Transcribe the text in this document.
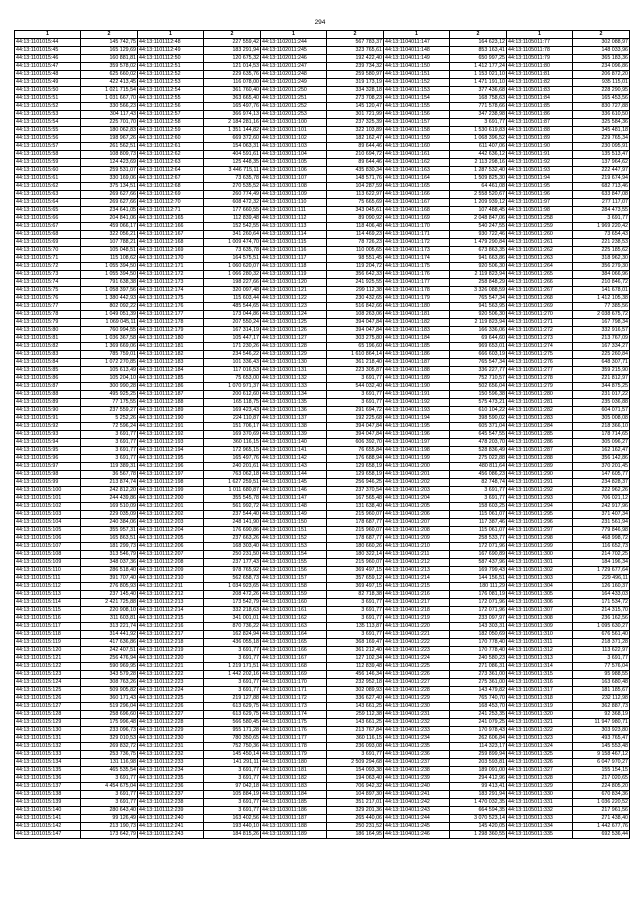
294
1	2	1	2	1	2	1	2	1	2
44:13:1101015:44	145 742,75	44:13:1101112:48	227 559,42	44:13:1102011:244	567 783,37	44:13:1104011:147	164 623,12	44:13:1105011:77	302 088,97
44:13:1101015:45	165 129,69	44:13:1101112:49	183 291,94	44:13:1102011:245	323 765,61	44:13:1104011:148	853 163,41	44:13:1105011:78	148 033,96
44:13:1101015:46	160 881,81	44:13:1101112:50	120 675,32	44:13:1102011:246	192 422,40	44:13:1104011:149	650 997,25	44:13:1105011:79	365 183,36
44:13:1101015:47	359 578,02	44:13:1101112:51	121 014,53	44:13:1102011:247	239 734,32	44:13:1104011:150	1 412 177,24	44:13:1105011:80	234 096,86
44:13:1101015:48	625 660,02	44:13:1101112:52	229 635,76	44:13:1102011:248	259 580,97	44:13:1104011:151	1 153 021,10	44:13:1105011:81	206 872,20
44:13:1101015:49	422 413,45	44:13:1101112:53	116 078,00	44:13:1102011:249	319 173,19	44:13:1104011:152	1 471 191,10	44:13:1105011:82	935 115,01
44:13:1101015:50	1 021 715,54	44:13:1101112:54	361 760,40	44:13:1102011:250	334 328,18	44:13:1104011:153	377 436,68	44:13:1105011:83	228 290,95
44:13:1101015:51	1 031 667,70	44:13:1101112:55	363 665,40	44:13:1102011:251	273 708,23	44:13:1104011:154	168 758,63	44:13:1105011:84	165 453,56
44:13:1101015:52	330 566,23	44:13:1101112:56	165 497,76	44:13:1102011:252	145 120,47	44:13:1104011:155	771 578,66	44:13:1105011:85	830 727,88
44:13:1101015:53	304 117,43	44:13:1101112:57	366 974,13	44:13:1102011:253	301 721,99	44:13:1104011:156	347 238,98	44:13:1105011:86	336 610,50
44:13:1101015:54	225 701,70	44:13:1101112:58	2 184 281,16	44:13:1103011:100	237 325,39	44:13:1104011:157	3 691,77	44:13:1105011:87	325 584,36
44:13:1101015:55	180 062,83	44:13:1101112:59	1 351 144,82	44:13:1103011:101	322 103,89	44:13:1104011:158	1 530 619,83	44:13:1105011:88	345 481,18
44:13:1101015:56	198 967,26	44:13:1101112:60	669 372,60	44:13:1103011:102	182 162,47	44:13:1104011:159	1 068 396,52	44:13:1105011:89	229 765,34
44:13:1101015:57	261 562,51	44:13:1101112:61	154 063,31	44:13:1103011:103	89 644,46	44:13:1104011:160	611 407,06	44:13:1105011:90	230 095,91
44:13:1101015:58	108 809,73	44:13:1101112:62	404 591,61	44:13:1103011:104	210 694,72	44:13:1104011:161	442 636,12	44:13:1105011:91	135 513,47
44:13:1101015:59	124 423,69	44:13:1101112:63	125 448,35	44:13:1103011:105	89 644,46	44:13:1104011:162	2 113 298,16	44:13:1105011:92	137 964,62
44:13:1101015:60	259 531,07	44:13:1101112:64	3 446 715,11	44:13:1103011:106	435 830,34	44:13:1104011:163	1 287 532,40	44:13:1105011:93	222 447,97
44:13:1101015:61	330 169,06	44:13:1101112:67	73 635,78	44:13:1103011:107	148 571,76	44:13:1104011:164	1 509 825,30	44:13:1105011:94	219 674,94
44:13:1101015:62	375 134,51	44:13:1101112:68	270 535,52	44:13:1103011:108	104 287,59	44:13:1104011:165	64 461,08	44:13:1105011:95	682 713,46
44:13:1101015:63	269 627,66	44:13:1101112:69	260 774,49	44:13:1103011:109	113 622,97	44:13:1104011:166	2 558 520,67	44:13:1105011:96	633 847,08
44:13:1101015:64	269 627,66	44:13:1101112:70	608 472,32	44:13:1103011:110	75 665,69	44:13:1104011:167	1 209 939,12	44:13:1105011:97	277 117,07
44:13:1101015:65	234 641,05	44:13:1101112:71	177 660,55	44:13:1103011:111	343 045,61	44:13:1104011:168	107 488,45	44:13:1105011:98	284 473,55
44:13:1101015:66	204 841,06	44:13:1101112:165	112 839,48	44:13:1103011:112	89 090,92	44:13:1104011:169	2 048 847,06	44:13:1105011:258	3 691,77
44:13:1101015:67	459 066,17	44:13:1101112:166	152 542,55	44:13:1103011:113	118 406,48	44:13:1104011:170	540 247,55	44:13:1105011:259	1 969 220,42
44:13:1101015:68	322 056,21	44:13:1101112:167	341 260,64	44:13:1103011:114	114 469,23	44:13:1104011:171	930 722,46	44:13:1105011:260	73 654,43
44:13:1101015:69	107 788,21	44:13:1101112:168	1 009 474,70	44:13:1103011:115	78 726,23	44:13:1104011:172	1 479 290,84	44:13:1105011:261	221 238,53
44:13:1101015:70	105 048,51	44:13:1101112:169	73 635,78	44:13:1103011:116	110 005,65	44:13:1104011:173	673 863,35	44:13:1105011:262	225 185,62
44:13:1101015:71	115 108,62	44:13:1101112:170	164 575,51	44:13:1103011:117	98 551,45	44:13:1104011:174	941 663,86	44:13:1105011:263	318 962,30
44:13:1101015:72	1 055 394,50	44:13:1101112:171	1 060 620,07	44:13:1103011:118	119 204,72	44:13:1104011:175	920 506,30	44:13:1105011:264	356 279,30
44:13:1101015:73	1 055 394,50	44:13:1101112:172	1 066 280,32	44:13:1103011:119	356 642,33	44:13:1104011:176	2 119 823,94	44:13:1105011:265	384 066,96
44:13:1101015:74	791 638,38	44:13:1101112:173	198 227,66	44:13:1103011:120	241 925,55	44:13:1104011:177	258 848,29	44:13:1105011:266	210 846,72
44:13:1101015:75	1 058 397,56	44:13:1101112:174	320 097,48	44:13:1103011:121	299 112,38	44:13:1104011:178	3 326 088,59	44:13:1105011:267	141 678,01
44:13:1101015:76	1 380 442,93	44:13:1101112:175	115 603,44	44:13:1103011:122	230 432,65	44:13:1104011:179	765 547,34	44:13:1105011:268	1 412 105,38
44:13:1101015:77	802 092,22	44:13:1101112:176	485 544,65	44:13:1103011:123	516 842,66	44:13:1104011:180	941 563,95	44:13:1105011:269	77 385,56
44:13:1101015:78	1 049 051,39	44:13:1101112:177	173 044,86	44:13:1103011:124	108 263,06	44:13:1104011:181	920 506,30	44:13:1105011:270	2 038 675,72
44:13:1101015:79	1 069 045,11	44:13:1101112:178	207 550,24	44:13:1103011:125	394 047,84	44:13:1104011:182	2 119 823,94	44:13:1105011:271	167 798,34
44:13:1101015:80	760 994,55	44:13:1101112:179	167 314,19	44:13:1103011:126	394 047,84	44:13:1104011:183	166 336,06	44:13:1105011:272	332 916,57
44:13:1101015:81	1 036 367,58	44:13:1101112:180	105 447,17	44:13:1103011:127	303 275,80	44:13:1104011:184	69 644,60	44:13:1105011:273	213 767,09
44:13:1101015:82	1 369 669,06	44:13:1101112:181	171 230,26	44:13:1103011:128	65 196,60	44:13:1104011:185	969 653,01	44:13:1105011:274	167 334,27
44:13:1101015:83	785 759,01	44:13:1101112:182	234 546,22	44:13:1103011:129	1 610 864,14	44:13:1104011:186	666 603,19	44:13:1105011:275	225 260,84
44:13:1101015:84	1 072 270,85	44:13:1101112:183	101 336,43	44:13:1103011:130	361 218,40	44:13:1104011:187	765 547,34	44:13:1105011:276	648 307,71
44:13:1101015:85	105 613,49	44:13:1101112:184	117 016,53	44:13:1103011:131	223 305,87	44:13:1104011:188	336 227,77	44:13:1105011:277	359 215,90
44:13:1101015:86	105 204,10	44:13:1101112:185	75 653,00	44:13:1103011:132	3 691,77	44:13:1104011:189	752 710,57	44:13:1105011:278	221 812,97
44:13:1101015:87	300 990,28	44:13:1101112:186	1 070 971,37	44:13:1103011:133	544 032,40	44:13:1104011:190	502 656,04	44:13:1105011:279	344 875,25
44:13:1101015:88	495 925,25	44:13:1101112:187	200 612,60	44:13:1103011:134	3 691,77	44:13:1104011:191	150 596,38	44:13:1105011:280	231 017,22
44:13:1101015:89	77 175,55	44:13:1101112:188	165 118,75	44:13:1103011:135	3 691,77	44:13:1104011:192	575 473,21	44:13:1105011:281	235 036,88
44:13:1101015:90	237 559,27	44:13:1101112:189	169 423,43	44:13:1103011:136	291 694,72	44:13:1104011:193	610 104,22	44:13:1105011:282	604 071,57
44:13:1101015:91	5 252,26	44:13:1101112:190	224 110,87	44:13:1103011:137	192 225,68	44:13:1104011:194	398 590,02	44:13:1105011:283	305 008,08
44:13:1101015:92	72 596,24	44:13:1101112:191	151 706,17	44:13:1103011:138	394 047,84	44:13:1104011:195	605 371,04	44:13:1105011:284	218 366,10
44:13:1101015:93	3 691,77	44:13:1101112:192	169 370,69	44:13:1103011:139	394 047,84	44:13:1104011:196	645 547,55	44:13:1105011:285	178 714,65
44:13:1101015:94	3 691,77	44:13:1101112:193	360 116,15	44:13:1103011:140	606 392,70	44:13:1104011:197	478 203,70	44:13:1105011:286	305 096,27
44:13:1101015:95	3 691,77	44:13:1101112:194	172 965,15	44:13:1103011:141	76 655,84	44:13:1104011:198	528 836,49	44:13:1105011:287	162 162,47
44:13:1101015:96	3 691,77	44:13:1101112:195	165 497,76	44:13:1103011:142	176 688,94	44:13:1104011:199	275 022,88	44:13:1105011:288	356 142,86
44:13:1101015:97	119 389,31	44:13:1101112:196	240 201,61	44:13:1103011:143	129 658,19	44:13:1104011:200	480 811,64	44:13:1105011:289	370 201,45
44:13:1101015:98	36 567,78	44:13:1101112:197	763 062,18	44:13:1103011:144	129 658,19	44:13:1104011:201	456 086,23	44:13:1105011:290	147 605,77
44:13:1101015:99	213 874,74	44:13:1101112:198	1 627 259,51	44:13:1103011:145	256 946,25	44:13:1104011:202	82 748,74	44:13:1105011:291	234 828,37
44:13:1101015:100	242 812,20	44:13:1101112:199	1 011 680,87	44:13:1103011:146	237 370,54	44:13:1104011:203	3 691,77	44:13:1105011:292	222 962,26
44:13:1101015:101	244 439,86	44:13:1101112:200	355 545,78	44:13:1103011:147	167 565,48	44:13:1104011:204	3 691,77	44:13:1105011:293	706 021,12
44:13:1101015:102	169 510,09	44:13:1101112:201	561 992,72	44:13:1103011:148	131 638,40	44:13:1104011:205	158 603,25	44:13:1105011:294	242 917,96
44:13:1101015:103	229 035,09	44:13:1101112:202	237 544,40	44:13:1103011:149	215 960,07	44:13:1104011:206	115 061,07	44:13:1105011:295	371 407,34
44:13:1101015:104	240 384,06	44:13:1101112:203	248 141,90	44:13:1103011:150	178 687,77	44:13:1104011:207	117 387,46	44:13:1105011:296	231 561,94
44:13:1101015:105	355 957,31	44:13:1101112:204	176 690,86	44:13:1103011:151	215 960,07	44:13:1104011:208	115 061,07	44:13:1105011:297	779 846,98
44:13:1101015:106	165 863,51	44:13:1101112:205	237 663,26	44:13:1103011:152	178 687,77	44:13:1104011:209	258 533,77	44:13:1105011:298	468 998,72
44:13:1101015:107	181 299,73	44:13:1101112:206	168 303,40	44:13:1103011:153	180 660,26	44:13:1104011:210	172 071,96	44:13:1105011:299	116 652,73
44:13:1101015:108	313 546,79	44:13:1101112:207	250 231,50	44:13:1103011:154	180 322,14	44:13:1104011:211	167 690,89	44:13:1105011:300	214 702,25
44:13:1101015:109	348 037,36	44:13:1101112:208	237 177,43	44:13:1103011:155	215 960,07	44:13:1104011:212	587 437,96	44:13:1105011:301	184 196,34
44:13:1101015:110	286 518,40	44:13:1101112:209	978 765,92	44:13:1103011:156	369 497,15	44:13:1104011:213	169 799,43	44:13:1105011:302	1 729 677,64
44:13:1101015:111	391 707,40	44:13:1101112:210	562 658,73	44:13:1103011:157	357 659,12	44:13:1104011:214	144 156,51	44:13:1105011:303	229 496,11
44:13:1101015:112	276 805,93	44:13:1101112:211	1 034 923,65	44:13:1103011:158	369 497,15	44:13:1104011:215	180 111,29	44:13:1105011:304	126 160,37
44:13:1101015:113	237 145,40	44:13:1101112:212	208 472,26	44:13:1103011:159	82 718,38	44:13:1104011:216	176 081,19	44:13:1105011:305	164 433,03
44:13:1101015:114	2 421 725,88	44:13:1101112:213	173 542,79	44:13:1103011:160	3 691,77	44:13:1104011:217	172 071,96	44:13:1105011:306	171 534,72
44:13:1101015:115	220 908,10	44:13:1101112:214	332 218,63	44:13:1103011:161	3 691,77	44:13:1104011:218	172 071,96	44:13:1105011:307	214 315,70
44:13:1101015:116	311 603,81	44:13:1101112:215	341 001,01	44:13:1103011:162	3 691,77	44:13:1104011:219	233 097,97	44:13:1105011:308	236 162,56
44:13:1101015:117	313 221,74	44:13:1101112:216	870 736,22	44:13:1103011:163	135 113,87	44:13:1104011:220	143 303,31	44:13:1105011:309	1 095 630,27
44:13:1101015:118	314 441,92	44:13:1101112:217	162 824,94	44:13:1103011:164	3 691,77	44:13:1104011:221	182 050,69	44:13:1105011:310	676 561,40
44:13:1101015:119	417 636,86	44:13:1101112:218	436 055,18	44:13:1103011:165	368 169,47	44:13:1104011:222	170 778,40	44:13:1105011:311	218 371,28
44:13:1101015:120	242 407,51	44:13:1101112:219	3 691,77	44:13:1103011:166	361 212,40	44:13:1104011:223	170 778,40	44:13:1105011:312	113 622,97
44:13:1101015:121	256 476,94	44:13:1101112:220	3 691,77	44:13:1103011:167	127 102,34	44:13:1104011:224	240 580,23	44:13:1105011:313	3 691,77
44:13:1101015:122	590 969,95	44:13:1101112:221	1 219 171,51	44:13:1103011:168	112 839,48	44:13:1104011:225	271 086,31	44:13:1105011:314	77 576,04
44:13:1101015:123	343 579,28	44:13:1101112:222	1 442 202,16	44:13:1103011:169	456 146,34	44:13:1104011:226	273 361,00	44:13:1105011:315	95 988,55
44:13:1101015:124	308 763,26	44:13:1101112:223	3 691,77	44:13:1103011:170	232 952,18	44:13:1104011:227	275 361,00	44:13:1105011:316	163 680,48
44:13:1101015:125	509 905,82	44:13:1101112:224	3 691,77	44:13:1103011:171	302 089,93	44:13:1104011:228	143 479,82	44:13:1105011:317	181 185,67
44:13:1101015:126	360 171,43	44:13:1101112:225	219 127,88	44:13:1103011:172	336 627,40	44:13:1104011:229	765 740,70	44:13:1105011:318	232 112,98
44:13:1101015:127	519 296,04	44:13:1101112:226	613 629,75	44:13:1103011:173	143 661,25	44:13:1104011:230	168 453,70	44:13:1105011:319	362 887,73
44:13:1101015:128	258 696,60	44:13:1101112:227	613 629,75	44:13:1103011:174	259 112,38	44:13:1104011:231	241 253,35	44:13:1105011:320	92 368,19
44:13:1101015:129	175 996,48	44:13:1101112:228	566 580,45	44:13:1103011:175	143 661,25	44:13:1104011:232	241 079,25	44:13:1105011:321	11 947 980,71
44:13:1101015:130	233 096,73	44:13:1101112:229	955 171,28	44:13:1103011:176	213 767,84	44:13:1104011:233	170 978,43	44:13:1105011:322	303 923,80
44:13:1101015:131	329 010,53	44:13:1101112:230	780 350,65	44:13:1103011:177	360 116,15	44:13:1104011:234	262 606,84	44:13:1105011:323	493 765,47
44:13:1101015:132	269 832,72	44:13:1101112:231	752 750,36	44:13:1103011:178	236 093,08	44:13:1104011:235	114 323,17	44:13:1105011:324	145 553,48
44:13:1101015:133	253 736,75	44:13:1101112:232	145 450,14	44:13:1103011:179	3 691,77	44:13:1104011:236	259 899,94	44:13:1105011:325	9 158 467,12
44:13:1101015:134	131 116,98	44:13:1101112:233	141 291,11	44:13:1103011:180	2 509 294,68	44:13:1104011:237	203 593,81	44:13:1105011:326	6 047 970,27
44:13:1101015:135	465 535,54	44:13:1101112:234	3 691,77	44:13:1103011:181	154 093,38	44:13:1104011:238	189 091,00	44:13:1105011:327	155 154,15
44:13:1101015:136	3 691,77	44:13:1101112:235	3 691,77	44:13:1103011:182	194 063,40	44:13:1104011:239	294 412,96	44:13:1105011:328	217 020,65
44:13:1101015:137	4 454 675,04	44:13:1101112:236	97 042,18	44:13:1103011:183	706 942,32	44:13:1104011:240	99 413,41	44:13:1105011:329	224 805,20
44:13:1101015:138	3 691,77	44:13:1101112:237	105 884,19	44:13:1103011:184	104 897,30	44:13:1104011:241	183 291,94	44:13:1105011:330	670 834,36
44:13:1101015:139	3 691,77	44:13:1101112:238	3 691,77	44:13:1103011:185	351 217,01	44:13:1104011:242	1 470 032,35	44:13:1105011:331	1 036 220,52
44:13:1101015:140	280 643,40	44:13:1101112:239	3 691,77	44:13:1103011:186	329 201,36	44:13:1104011:243	664 594,35	44:13:1105011:332	217 961,56
44:13:1101015:141	99 126,49	44:13:1101112:240	163 402,56	44:13:1103011:187	265 440,06	44:13:1104011:244	3 070 523,14	44:13:1105011:333	271 438,40
44:13:1101015:142	213 190,73	44:13:1101112:241	193 440,10	44:13:1103011:188	250 231,52	44:13:1104011:245	145 420,05	44:13:1105011:334	1 442 677,76
44:13:1101015:147	173 642,79	44:13:1101112:243	184 815,26	44:13:1103011:189	186 164,95	44:13:1104011:246	1 298 360,55	44:13:1105011:335	692 536,44
